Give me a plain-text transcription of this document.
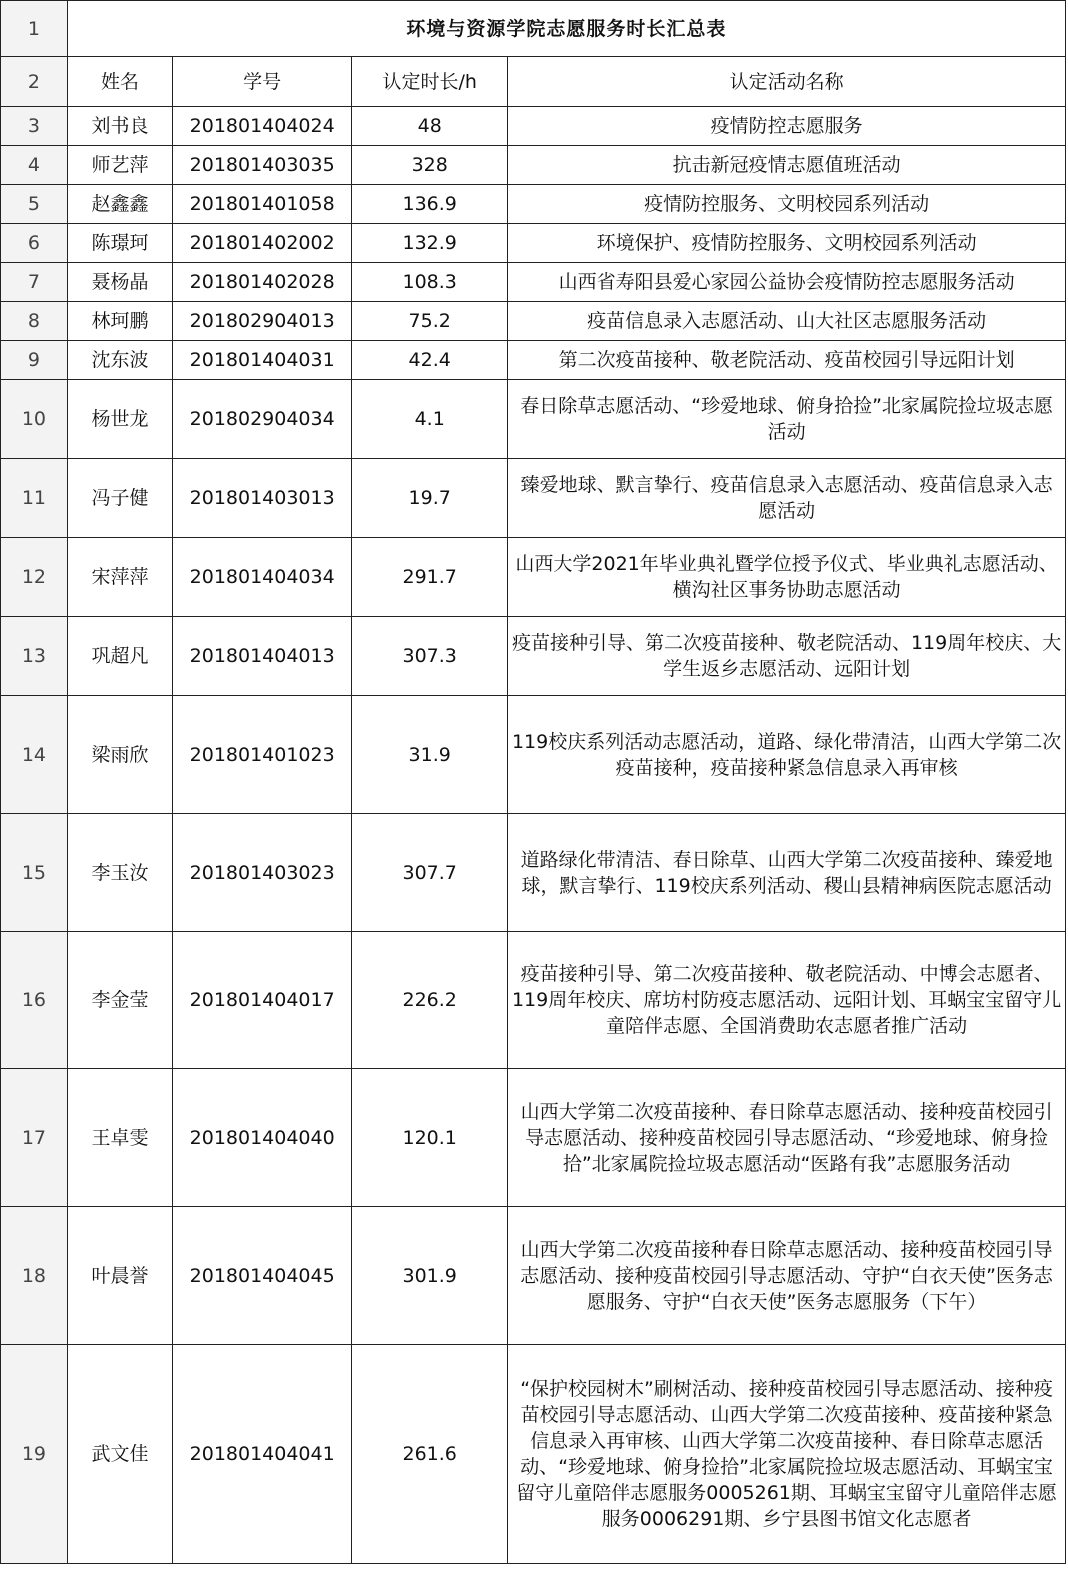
1	环境与资源学院志愿服务时长汇总表			
2	姓名	学号	认定时长/h	认定活动名称
3	刘书良	201801404024	48	疫情防控志愿服务
4	师艺萍	201801403035	328	抗击新冠疫情志愿值班活动
5	赵鑫鑫	201801401058	136.9	疫情防控服务、文明校园系列活动
6	陈璟珂	201801402002	132.9	环境保护、疫情防控服务、文明校园系列活动
7	聂杨晶	201801402028	108.3	山西省寿阳县爱心家园公益协会疫情防控志愿服务活动
8	林珂鹏	201802904013	75.2	疫苗信息录入志愿活动、山大社区志愿服务活动
9	沈东波	201801404031	42.4	第二次疫苗接种、敬老院活动、疫苗校园引导远阳计划
10	杨世龙	201802904034	4.1	春日除草志愿活动、“珍爱地球、俯身拾捡”北家属院捡垃圾志愿活动
11	冯子健	201801403013	19.7	臻爱地球、默言挚行、疫苗信息录入志愿活动、疫苗信息录入志愿活动
12	宋萍萍	201801404034	291.7	山西大学2021年毕业典礼暨学位授予仪式、毕业典礼志愿活动、横沟社区事务协助志愿活动
13	巩超凡	201801404013	307.3	疫苗接种引导、第二次疫苗接种、敬老院活动、119周年校庆、大学生返乡志愿活动、远阳计划
14	梁雨欣	201801401023	31.9	119校庆系列活动志愿活动，道路、绿化带清洁，山西大学第二次疫苗接种，疫苗接种紧急信息录入再审核
15	李玉汝	201801403023	307.7	道路绿化带清洁、春日除草、山西大学第二次疫苗接种、臻爱地球，默言挚行、119校庆系列活动、稷山县精神病医院志愿活动
16	李金莹	201801404017	226.2	疫苗接种引导、第二次疫苗接种、敬老院活动、中博会志愿者、119周年校庆、席坊村防疫志愿活动、远阳计划、耳蜗宝宝留守儿童陪伴志愿、全国消费助农志愿者推广活动
17	王卓雯	201801404040	120.1	山西大学第二次疫苗接种、春日除草志愿活动、接种疫苗校园引导志愿活动、接种疫苗校园引导志愿活动、“珍爱地球、俯身捡拾”北家属院捡垃圾志愿活动“医路有我”志愿服务活动
18	叶晨誉	201801404045	301.9	山西大学第二次疫苗接种春日除草志愿活动、接种疫苗校园引导志愿活动、接种疫苗校园引导志愿活动、守护“白衣天使”医务志愿服务、守护“白衣天使”医务志愿服务（下午）
19	武文佳	201801404041	261.6	“保护校园树木”刷树活动、接种疫苗校园引导志愿活动、接种疫苗校园引导志愿活动、山西大学第二次疫苗接种、疫苗接种紧急信息录入再审核、山西大学第二次疫苗接种、春日除草志愿活动、“珍爱地球、俯身捡拾”北家属院捡垃圾志愿活动、耳蜗宝宝留守儿童陪伴志愿服务0005261期、耳蜗宝宝留守儿童陪伴志愿服务0006291期、乡宁县图书馆文化志愿者
